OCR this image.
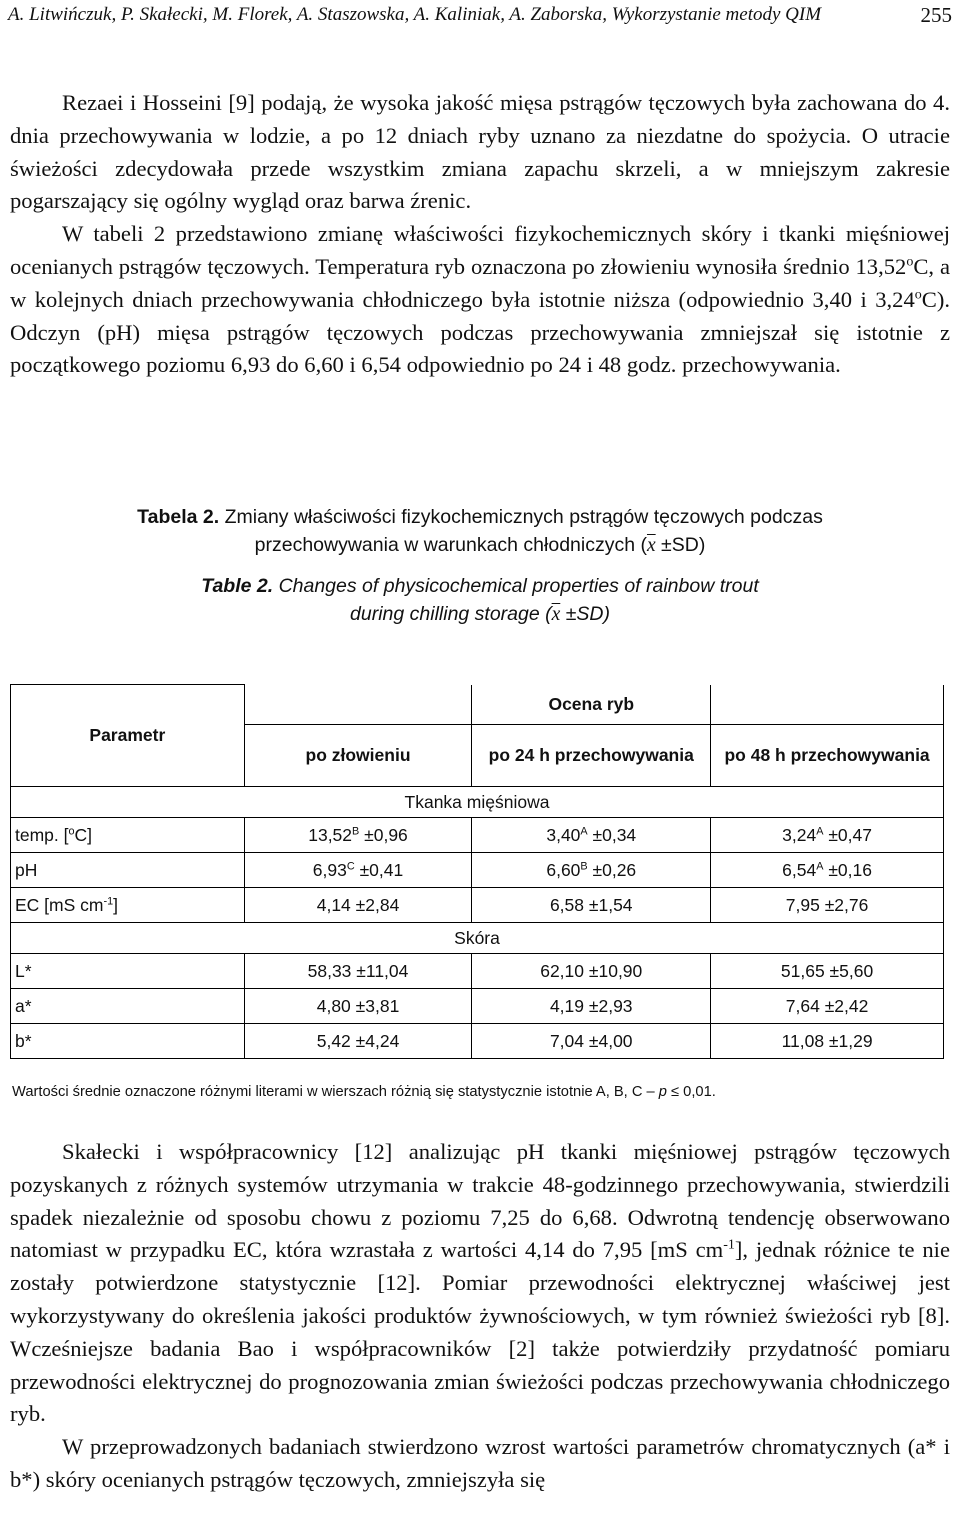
A. Litwińczuk, P. Skałecki, M. Florek, A. Staszowska, A. Kaliniak, A. Zaborska, Wykorzystanie metody QIM	255

Rezaei i Hosseini [9] podają, że wysoka jakość mięsa pstrągów tęczowych była zachowana do 4. dnia przechowywania w lodzie, a po 12 dniach ryby uznano za niezdatne do spożycia. O utracie świeżości zdecydowała przede wszystkim zmiana zapachu skrzeli, a w mniejszym zakresie pogarszający się ogólny wygląd oraz barwa źrenic.

W tabeli 2 przedstawiono zmianę właściwości fizykochemicznych skóry i tkanki mięśniowej ocenianych pstrągów tęczowych. Temperatura ryb oznaczona po złowieniu wynosiła średnio 13,52$^o$C, a w kolejnych dniach przechowywania chłodniczego była istotnie niższa (odpowiednio 3,40 i 3,24$^o$C). Odczyn (pH) mięsa pstrągów tęczowych podczas przechowywania zmniejszał się istotnie z początkowego poziomu 6,93 do 6,60 i 6,54 odpowiednio po 24 i 48 godz. przechowywania.

Tabela 2. Zmiany właściwości fizykochemicznych pstrągów tęczowych podczas
przechowywania w warunkach chłodniczych $(\overline{x} \pm SD)$
Table 2. Changes of physicochemical properties of rainbow trout
during chilling storage $(\overline{x} \pm SD)$
Parametr		Ocena ryb	
	po złowieniu	po 24 h przechowywania	po 48 h przechowywania
Tkanka mięśniowa			
temp. [$^o$C]	$13,52^B \pm 0,96$	$3,40^A \pm 0,34$	$3,24^A \pm 0,47$
pH	$6,93^C \pm 0,41$	$6,60^B \pm 0,26$	$6,54^A \pm 0,16$
EC [mS $cm^{-1}$]	4,14 ±2,84	6,58 ±1,54	7,95 ±2,76
Skóra			
L*	58,33 ±11,04	62,10 ±10,90	51,65 ±5,60
a*	4,80 ±3,81	4,19 ±2,93	7,64 ±2,42
b*	5,42 ±4,24	7,04 ±4,00	11,08 ±1,29
Wartości średnie oznaczone różnymi literami w wierszach różnią się statystycznie istotnie A, B, C – p ≤ 0,01.

Skałecki i współpracownicy [12] analizując pH tkanki mięśniowej pstrągów tęczowych pozyskanych z różnych systemów utrzymania w trakcie 48-godzinnego przechowywania, stwierdzili spadek niezależnie od sposobu chowu z poziomu 7,25 do 6,68. Odwrotną tendencję obserwowano natomiast w przypadku EC, która wzrastała z wartości 4,14 do 7,95 [mS $cm^{-1}$], jednak różnice te nie zostały potwierdzone statystycznie [12]. Pomiar przewodności elektrycznej właściwej jest wykorzystywany do określenia jakości produktów żywnościowych, w tym również świeżości ryb [8]. Wcześniejsze badania Bao i współpracowników [2] także potwierdziły przydatność pomiaru przewodności elektrycznej do prognozowania zmian świeżości podczas przechowywania chłodniczego ryb.

W przeprowadzonych badaniach stwierdzono wzrost wartości parametrów chromatycznych (a* i b*) skóry ocenianych pstrągów tęczowych, zmniejszyła się
